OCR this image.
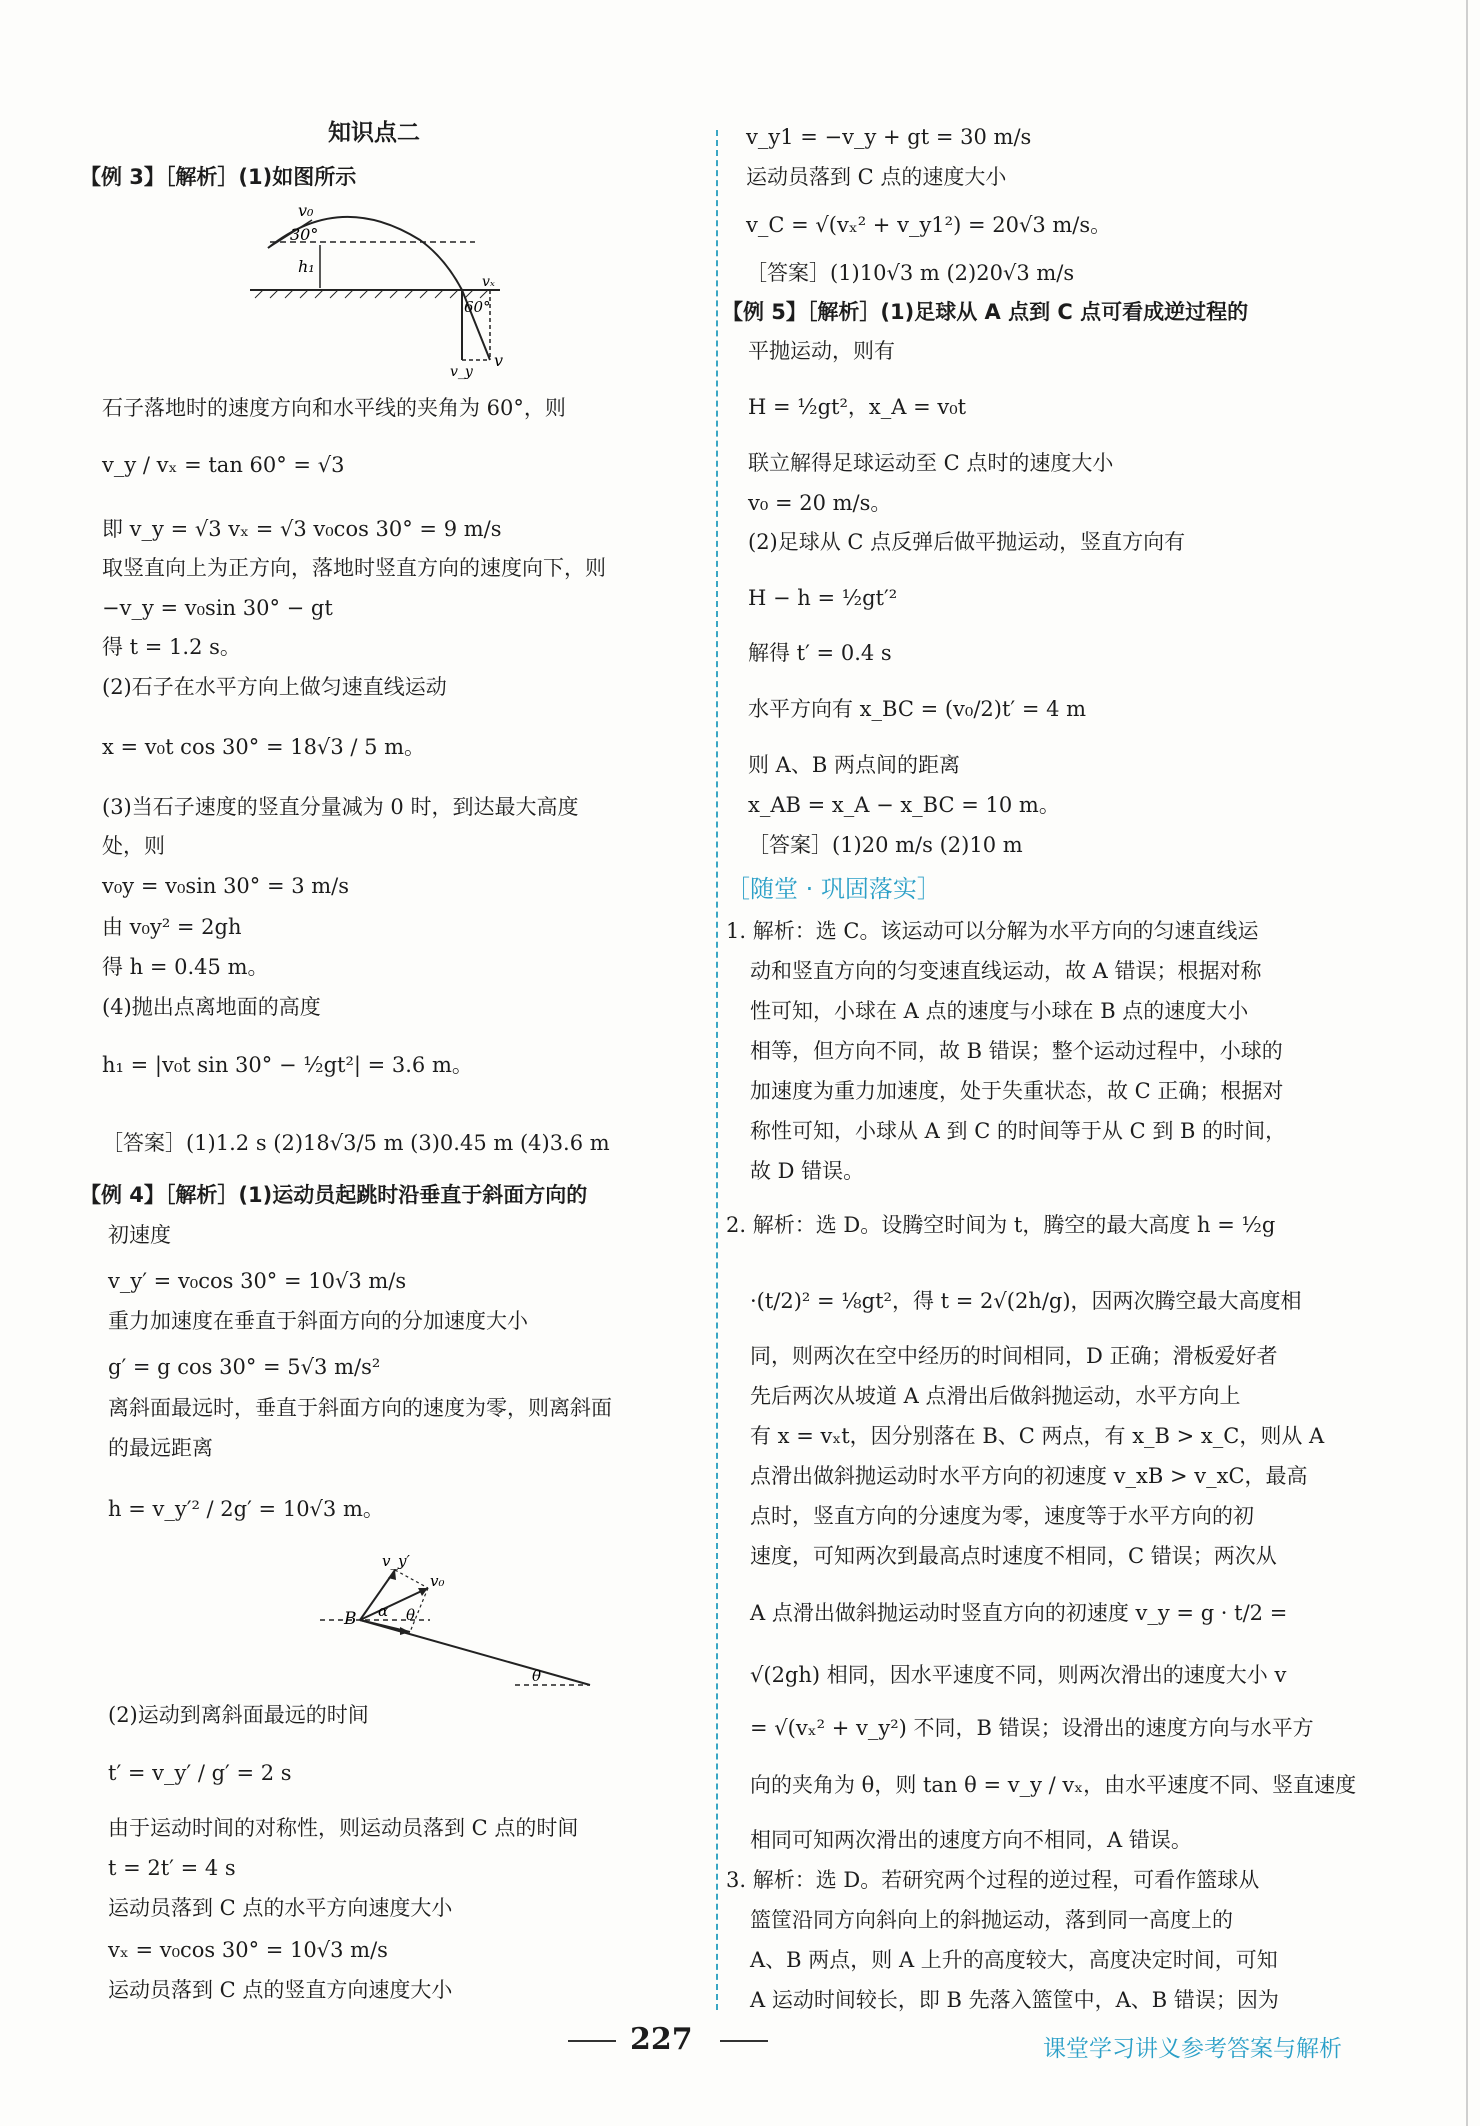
知识点二
【例 3】［解析］(1)如图所示
v₀
30°
h₁
vₓ
60°
v_y
v
石子落地时的速度方向和水平线的夹角为 60°，则
v_y / vₓ = tan 60° = √3
即 v_y = √3 vₓ = √3 v₀cos 30° = 9 m/s
取竖直向上为正方向，落地时竖直方向的速度向下，则
−v_y = v₀sin 30° − gt
得 t = 1.2 s。
(2)石子在水平方向上做匀速直线运动
x = v₀t cos 30° = 18√3 / 5 m。
(3)当石子速度的竖直分量减为 0 时，到达最大高度
处，则
v₀y = v₀sin 30° = 3 m/s
由 v₀y² = 2gh
得 h = 0.45 m。
(4)抛出点离地面的高度
h₁ = |v₀t sin 30° − ½gt²| = 3.6 m。
［答案］(1)1.2 s (2)18√3/5 m (3)0.45 m (4)3.6 m
【例 4】［解析］(1)运动员起跳时沿垂直于斜面方向的
初速度
v_y′ = v₀cos 30° = 10√3 m/s
重力加速度在垂直于斜面方向的分加速度大小
g′ = g cos 30° = 5√3 m/s²
离斜面最远时，垂直于斜面方向的速度为零，则离斜面
的最远距离
h = v_y′² / 2g′ = 10√3 m。
v_y′
v₀
B α θ
θ
(2)运动到离斜面最远的时间
t′ = v_y′ / g′ = 2 s
由于运动时间的对称性，则运动员落到 C 点的时间
t = 2t′ = 4 s
运动员落到 C 点的水平方向速度大小
vₓ = v₀cos 30° = 10√3 m/s
运动员落到 C 点的竖直方向速度大小
v_y1 = −v_y + gt = 30 m/s
运动员落到 C 点的速度大小
v_C = √(vₓ² + v_y1²) = 20√3 m/s。
［答案］(1)10√3 m (2)20√3 m/s
【例 5】［解析］(1)足球从 A 点到 C 点可看成逆过程的
平抛运动，则有
H = ½gt²，x_A = v₀t
联立解得足球运动至 C 点时的速度大小
v₀ = 20 m/s。
(2)足球从 C 点反弹后做平抛运动，竖直方向有
H − h = ½gt′²
解得 t′ = 0.4 s
水平方向有 x_BC = (v₀/2)t′ = 4 m
则 A、B 两点间的距离
x_AB = x_A − x_BC = 10 m。
［答案］(1)20 m/s (2)10 m
［随堂 · 巩固落实］
1. 解析：选 C。该运动可以分解为水平方向的匀速直线运
动和竖直方向的匀变速直线运动，故 A 错误；根据对称
性可知，小球在 A 点的速度与小球在 B 点的速度大小
相等，但方向不同，故 B 错误；整个运动过程中，小球的
加速度为重力加速度，处于失重状态，故 C 正确；根据对
称性可知，小球从 A 到 C 的时间等于从 C 到 B 的时间，
故 D 错误。
2. 解析：选 D。设腾空时间为 t，腾空的最大高度 h = ½g
·(t/2)² = ⅛gt²，得 t = 2√(2h/g)，因两次腾空最大高度相
同，则两次在空中经历的时间相同，D 正确；滑板爱好者
先后两次从坡道 A 点滑出后做斜抛运动，水平方向上
有 x = vₓt，因分别落在 B、C 两点，有 x_B > x_C，则从 A
点滑出做斜抛运动时水平方向的初速度 v_xB > v_xC，最高
点时，竖直方向的分速度为零，速度等于水平方向的初
速度，可知两次到最高点时速度不相同，C 错误；两次从
A 点滑出做斜抛运动时竖直方向的初速度 v_y = g · t/2 =
√(2gh) 相同，因水平速度不同，则两次滑出的速度大小 v
= √(vₓ² + v_y²) 不同，B 错误；设滑出的速度方向与水平方
向的夹角为 θ，则 tan θ = v_y / vₓ，由水平速度不同、竖直速度
相同可知两次滑出的速度方向不相同，A 错误。
3. 解析：选 D。若研究两个过程的逆过程，可看作篮球从
篮筐沿同方向斜向上的斜抛运动，落到同一高度上的
A、B 两点，则 A 上升的高度较大，高度决定时间，可知
A 运动时间较长，即 B 先落入篮筐中，A、B 错误；因为
227	课堂学习讲义参考答案与解析
